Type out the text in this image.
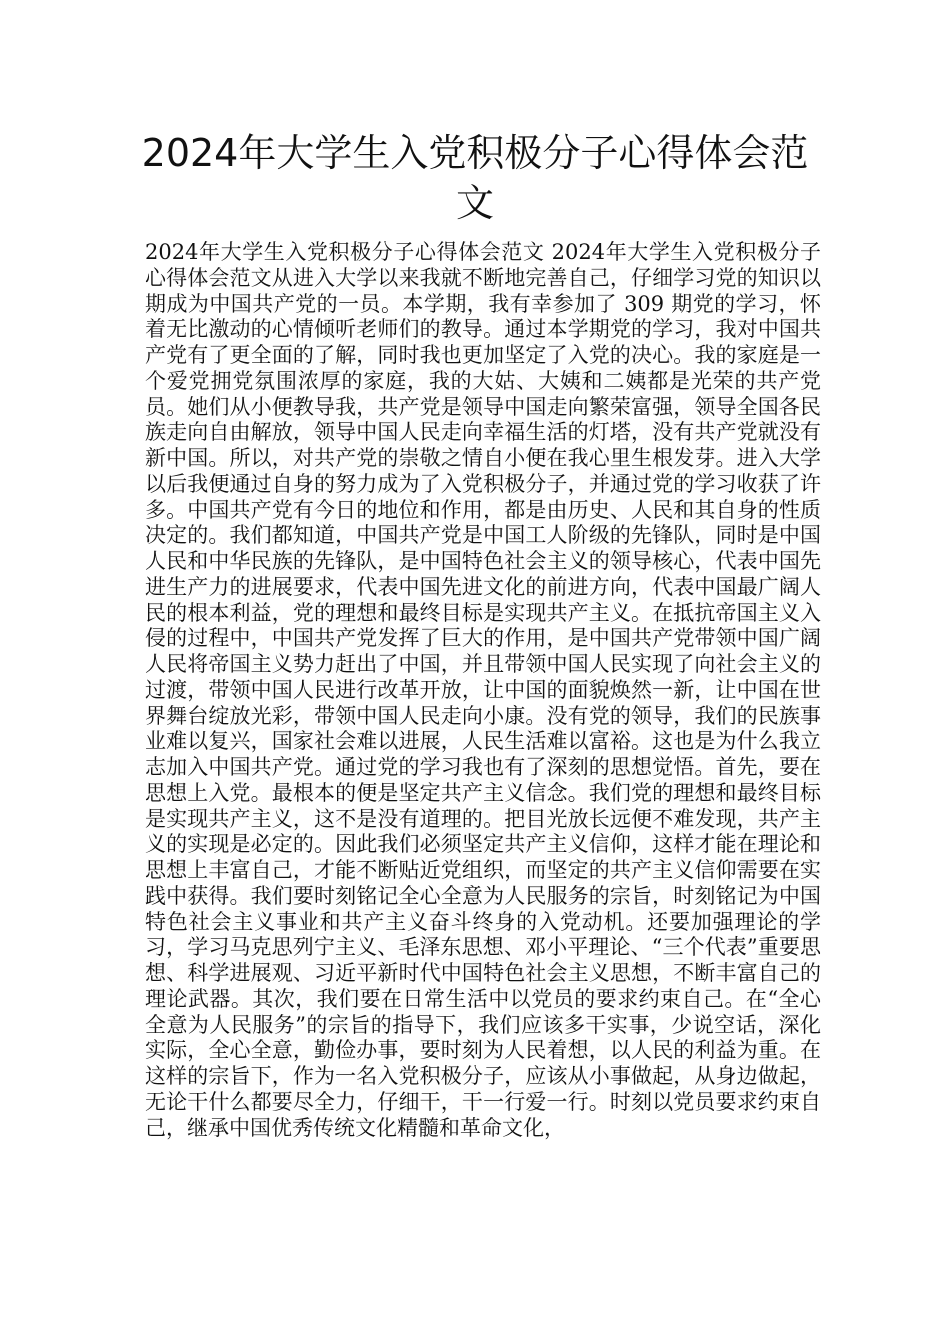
2024年大学生入党积极分子心得体会范文

2024年大学生入党积极分子心得体会范文 2024年大学生入党积极分子心得体会范文从进入大学以来我就不断地完善自己，仔细学习党的知识以期成为中国共产党的一员。本学期，我有幸参加了 309 期党的学习，怀着无比激动的心情倾听老师们的教导。通过本学期党的学习，我对中国共产党有了更全面的了解，同时我也更加坚定了入党的决心。我的家庭是一个爱党拥党氛围浓厚的家庭，我的大姑、大姨和二姨都是光荣的共产党员。她们从小便教导我，共产党是领导中国走向繁荣富强，领导全国各民族走向自由解放，领导中国人民走向幸福生活的灯塔，没有共产党就没有新中国。所以，对共产党的崇敬之情自小便在我心里生根发芽。进入大学以后我便通过自身的努力成为了入党积极分子，并通过党的学习收获了许多。中国共产党有今日的地位和作用，都是由历史、人民和其自身的性质决定的。我们都知道，中国共产党是中国工人阶级的先锋队，同时是中国人民和中华民族的先锋队，是中国特色社会主义的领导核心，代表中国先进生产力的进展要求，代表中国先进文化的前进方向，代表中国最广阔人民的根本利益，党的理想和最终目标是实现共产主义。在抵抗帝国主义入侵的过程中，中国共产党发挥了巨大的作用，是中国共产党带领中国广阔人民将帝国主义势力赶出了中国，并且带领中国人民实现了向社会主义的过渡，带领中国人民进行改革开放，让中国的面貌焕然一新，让中国在世界舞台绽放光彩，带领中国人民走向小康。没有党的领导，我们的民族事业难以复兴，国家社会难以进展，人民生活难以富裕。这也是为什么我立志加入中国共产党。通过党的学习我也有了深刻的思想觉悟。首先，要在思想上入党。最根本的便是坚定共产主义信念。我们党的理想和最终目标是实现共产主义，这不是没有道理的。把目光放长远便不难发现，共产主义的实现是必定的。因此我们必须坚定共产主义信仰，这样才能在理论和思想上丰富自己，才能不断贴近党组织，而坚定的共产主义信仰需要在实践中获得。我们要时刻铭记全心全意为人民服务的宗旨，时刻铭记为中国特色社会主义事业和共产主义奋斗终身的入党动机。还要加强理论的学习，学习马克思列宁主义、毛泽东思想、邓小平理论、“三个代表”重要思想、科学进展观、习近平新时代中国特色社会主义思想，不断丰富自己的理论武器。其次，我们要在日常生活中以党员的要求约束自己。在“全心全意为人民服务”的宗旨的指导下，我们应该多干实事，少说空话，深化实际，全心全意，勤俭办事，要时刻为人民着想，以人民的利益为重。在这样的宗旨下，作为一名入党积极分子，应该从小事做起，从身边做起，无论干什么都要尽全力，仔细干，干一行爱一行。时刻以党员要求约束自己，继承中国优秀传统文化精髓和革命文化，
